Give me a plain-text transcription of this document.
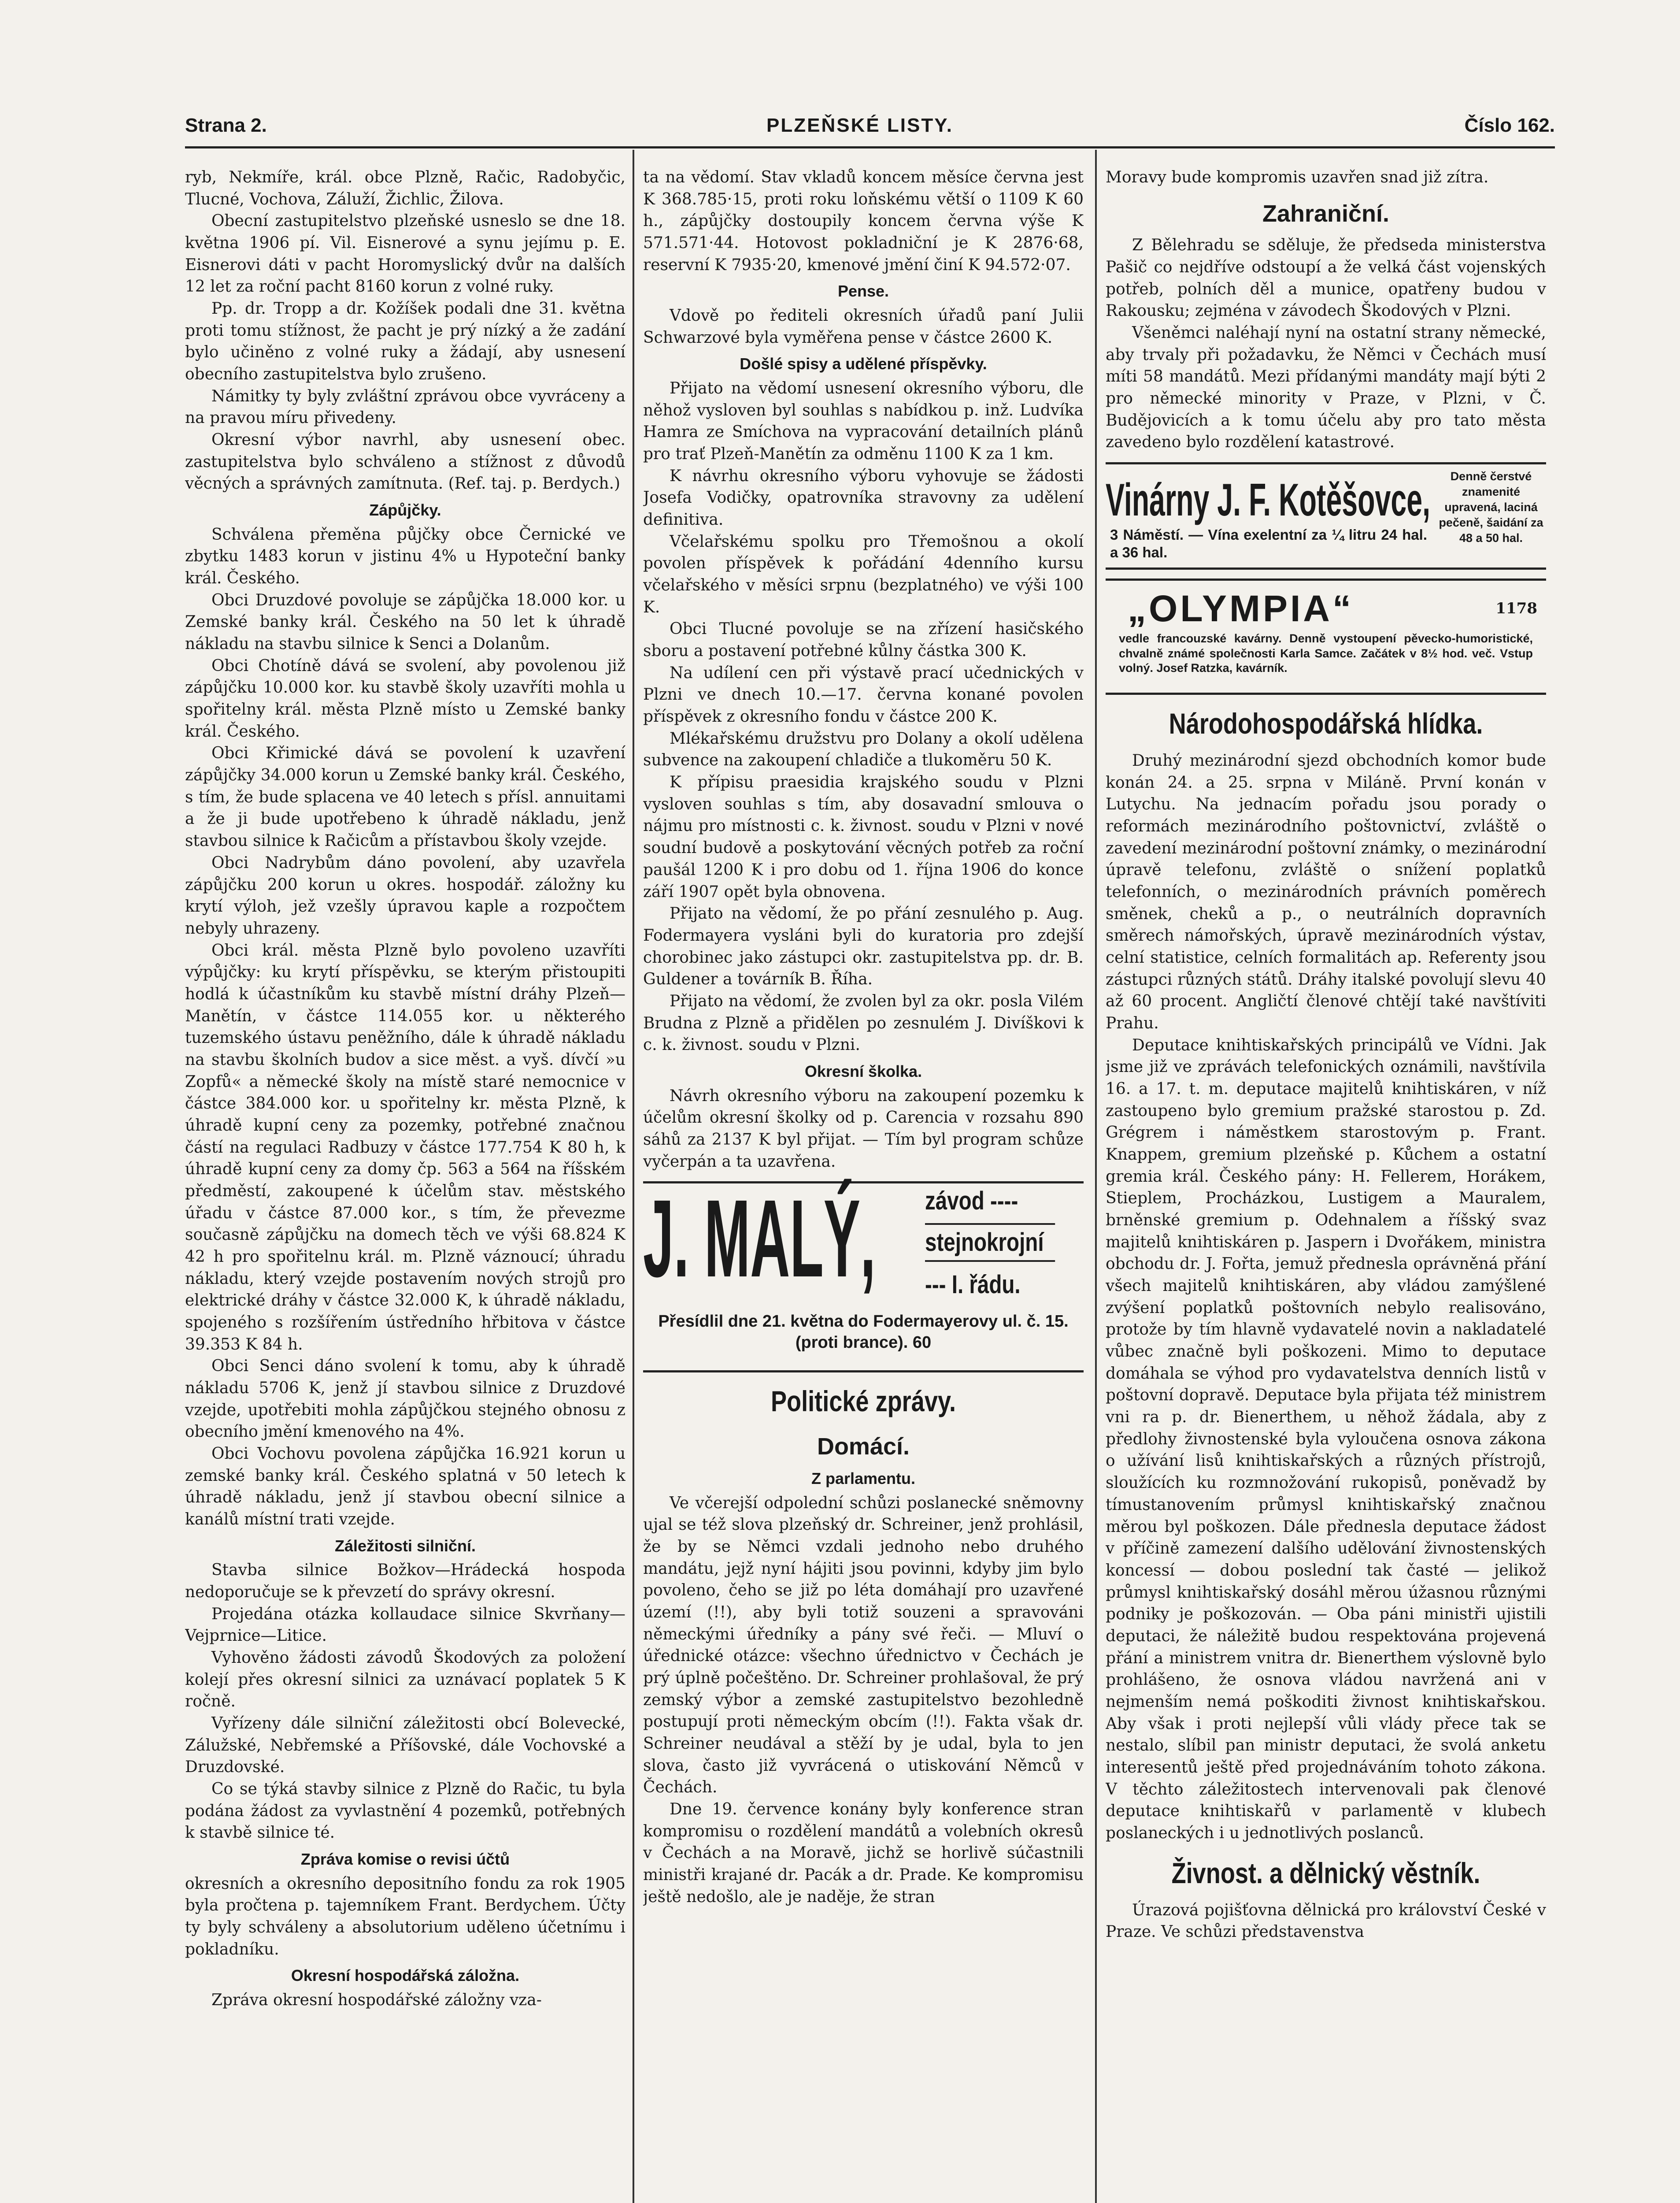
Strana 2.	PLZEŇSKÉ LISTY.	Číslo 162.

ryb, Nekmíře, král. obce Plzně, Račic, Radobyčic, Tlucné, Vochova, Záluží, Žichlic, Žilova.

Obecní zastupitelstvo plzeňské usneslo se dne 18. května 1906 pí. Vil. Eisnerové a synu jejímu p. E. Eisnerovi dáti v pacht Horomyslický dvůr na dalších 12 let za roční pacht 8160 korun z volné ruky.

Pp. dr. Tropp a dr. Kožíšek podali dne 31. května proti tomu stížnost, že pacht je prý nízký a že zadání bylo učiněno z volné ruky a žádají, aby usnesení obecního zastupitelstva bylo zrušeno.

Námitky ty byly zvláštní zprávou obce vyvráceny a na pravou míru přivedeny.

Okresní výbor navrhl, aby usnesení obec. zastupitelstva bylo schváleno a stížnost z důvodů věcných a správných zamítnuta. (Ref. taj. p. Berdych.)

Zápůjčky.

Schválena přeměna půjčky obce Černické ve zbytku 1483 korun v jistinu 4% u Hypoteční banky král. Českého.

Obci Druzdové povoluje se zápůjčka 18.000 kor. u Zemské banky král. Českého na 50 let k úhradě nákladu na stavbu silnice k Senci a Dolanům.

Obci Chotíně dává se svolení, aby povolenou již zápůjčku 10.000 kor. ku stavbě školy uzavříti mohla u spořitelny král. města Plzně místo u Zemské banky král. Českého.

Obci Křimické dává se povolení k uzavření zápůjčky 34.000 korun u Zemské banky král. Českého, s tím, že bude splacena ve 40 letech s přísl. annuitami a že ji bude upotřebeno k úhradě nákladu, jenž stavbou silnice k Račicům a přístavbou školy vzejde.

Obci Nadrybům dáno povolení, aby uzavřela zápůjčku 200 korun u okres. hospodář. záložny ku krytí výloh, jež vzešly úpravou kaple a rozpočtem nebyly uhrazeny.

Obci král. města Plzně bylo povoleno uzavříti výpůjčky: ku krytí příspěvku, se kterým přistoupiti hodlá k účastníkům ku stavbě místní dráhy Plzeň—Manětín, v částce 114.055 kor. u některého tuzemského ústavu peněžního, dále k úhradě nákladu na stavbu školních budov a sice měst. a vyš. dívčí »u Zopfů« a německé školy na místě staré nemocnice v částce 384.000 kor. u spořitelny kr. města Plzně, k úhradě kupní ceny za pozemky, potřebné značnou částí na regulaci Radbuzy v částce 177.754 K 80 h, k úhradě kupní ceny za domy čp. 563 a 564 na říšském předměstí, zakoupené k účelům stav. městského úřadu v částce 87.000 kor., s tím, že převezme současně zápůjčku na domech těch ve výši 68.824 K 42 h pro spořitelnu král. m. Plzně váznoucí; úhradu nákladu, který vzejde postavením nových strojů pro elektrické dráhy v částce 32.000 K, k úhradě nákladu, spojeného s rozšířením ústředního hřbitova v částce 39.353 K 84 h.

Obci Senci dáno svolení k tomu, aby k úhradě nákladu 5706 K, jenž jí stavbou silnice z Druzdové vzejde, upotřebiti mohla zápůjčkou stejného obnosu z obecního jmění kmenového na 4%.

Obci Vochovu povolena zápůjčka 16.921 korun u zemské banky král. Českého splatná v 50 letech k úhradě nákladu, jenž jí stavbou obecní silnice a kanálů místní trati vzejde.

Záležitosti silniční.

Stavba silnice Božkov—Hrádecká hospoda nedoporučuje se k převzetí do správy okresní.

Projedána otázka kollaudace silnice Skvrňany—Vejprnice—Litice.

Vyhověno žádosti závodů Škodových za položení kolejí přes okresní silnici za uznávací poplatek 5 K ročně.

Vyřízeny dále silniční záležitosti obcí Bolevecké, Zálužské, Nebřemské a Příšovské, dále Vochovské a Druzdovské.

Co se týká stavby silnice z Plzně do Račic, tu byla podána žádost za vyvlastnění 4 pozemků, potřebných k stavbě silnice té.

Zpráva komise o revisi účtů

okresních a okresního depositního fondu za rok 1905 byla pročtena p. tajemníkem Frant. Berdychem. Účty ty byly schváleny a absolutorium uděleno účetnímu i pokladníku.

Okresní hospodářská záložna.

Zpráva okresní hospodářské záložny vza-

ta na vědomí. Stav vkladů koncem měsíce června jest K 368.785·15, proti roku loňskému větší o 1109 K 60 h., zápůjčky dostoupily koncem června výše K 571.571·44. Hotovost pokladniční je K 2876·68, reservní K 7935·20, kmenové jmění činí K 94.572·07.

Pense.

Vdově po řediteli okresních úřadů paní Julii Schwarzové byla vyměřena pense v částce 2600 K.

Došlé spisy a udělené příspěvky.

Přijato na vědomí usnesení okresního výboru, dle něhož vysloven byl souhlas s nabídkou p. inž. Ludvíka Hamra ze Smíchova na vypracování detailních plánů pro trať Plzeň-Manětín za odměnu 1100 K za 1 km.

K návrhu okresního výboru vyhovuje se žádosti Josefa Vodičky, opatrovníka stravovny za udělení definitiva.

Včelařskému spolku pro Třemošnou a okolí povolen příspěvek k pořádání 4denního kursu včelařského v měsíci srpnu (bezplatného) ve výši 100 K.

Obci Tlucné povoluje se na zřízení hasičského sboru a postavení potřebné kůlny částka 300 K.

Na udílení cen při výstavě prací učednických v Plzni ve dnech 10.—17. června konané povolen příspěvek z okresního fondu v částce 200 K.

Mlékařskému družstvu pro Dolany a okolí udělena subvence na zakoupení chladiče a tlukoměru 50 K.

K přípisu praesidia krajského soudu v Plzni vysloven souhlas s tím, aby dosavadní smlouva o nájmu pro místnosti c. k. živnost. soudu v Plzni v nové soudní budově a poskytování věcných potřeb za roční paušál 1200 K i pro dobu od 1. října 1906 do konce září 1907 opět byla obnovena.

Přijato na vědomí, že po přání zesnulého p. Aug. Fodermayera vysláni byli do kuratoria pro zdejší chorobinec jako zástupci okr. zastupitelstva pp. dr. B. Guldener a továrník B. Říha.

Přijato na vědomí, že zvolen byl za okr. posla Vilém Brudna z Plzně a přidělen po zesnulém J. Divíškovi k c. k. živnost. soudu v Plzni.

Okresní školka.

Návrh okresního výboru na zakoupení pozemku k účelům okresní školky od p. Carencia v rozsahu 890 sáhů za 2137 K byl přijat. — Tím byl program schůze vyčerpán a ta uzavřena.

J. MALÝ, závod ----
stejnokrojní
--- I. řádu.
Přesídlil dne 21. května do Fodermayerovy ul. č. 15. (proti brance). 60
Politické zprávy.
Domácí.
Z parlamentu.

Ve včerejší odpolední schůzi poslanecké sněmovny ujal se též slova plzeňský dr. Schreiner, jenž prohlásil, že by se Němci vzdali jednoho nebo druhého mandátu, jejž nyní hájiti jsou povinni, kdyby jim bylo povoleno, čeho se již po léta domáhají pro uzavřené území (!!), aby byli totiž souzeni a spravováni německými úředníky a pány své řeči. — Mluví o úřednické otázce: všechno úřednictvo v Čechách je prý úplně počeštěno. Dr. Schreiner prohlašoval, že prý zemský výbor a zemské zastupitelstvo bezohledně postupují proti německým obcím (!!). Fakta však dr. Schreiner neudával a stěží by je udal, byla to jen slova, často již vyvrácená o utiskování Němců v Čechách.

Dne 19. července konány byly konference stran kompromisu o rozdělení mandátů a volebních okresů v Čechách a na Moravě, jichž se horlivě súčastnili ministři krajané dr. Pacák a dr. Prade. Ke kompromisu ještě nedošlo, ale je naděje, že stran

Moravy bude kompromis uzavřen snad již zítra.

Zahraniční.

Z Bělehradu se sděluje, že předseda ministerstva Pašič co nejdříve odstoupí a že velká část vojenských potřeb, polních děl a munice, opatřeny budou v Rakousku; zejména v závodech Škodových v Plzni.

Všeněmci naléhají nyní na ostatní strany německé, aby trvaly při požadavku, že Němci v Čechách musí míti 58 mandátů. Mezi přídanými mandáty mají býti 2 pro německé minority v Praze, v Plzni, v Č. Budějovicích a k tomu účelu aby pro tato města zavedeno bylo rozdělení katastrové.

Vinárny J. F. Kotěšovce,	Denně čerstvé znamenité upravená, laciná pečeně, šaidání za 48 a 50 hal.
3 Náměstí. — Vína exelentní za ¼ litru 24 hal. a 36 hal.
„OLYMPIA“	1178
vedle francouzské kavárny. Denně vystoupení pěvecko-humoristické, chvalně známé společnosti Karla Samce. Začátek v 8½ hod. več. Vstup volný. Josef Ratzka, kavárník.
Národohospodářská hlídka.

Druhý mezinárodní sjezd obchodních komor bude konán 24. a 25. srpna v Miláně. První konán v Lutychu. Na jednacím pořadu jsou porady o reformách mezinárodního poštovnictví, zvláště o zavedení mezinárodní poštovní známky, o mezinárodní úpravě telefonu, zvláště o snížení poplatků telefonních, o mezinárodních právních poměrech směnek, cheků a p., o neutrálních dopravních směrech námořských, úpravě mezinárodních výstav, celní statistice, celních formalitách ap. Referenty jsou zástupci různých států. Dráhy italské povolují slevu 40 až 60 procent. Angličtí členové chtějí také navštíviti Prahu.

Deputace knihtiskařských principálů ve Vídni. Jak jsme již ve zprávách telefonických oznámili, navštívila 16. a 17. t. m. deputace majitelů knihtiskáren, v níž zastoupeno bylo gremium pražské starostou p. Zd. Grégrem i náměstkem starostovým p. Frant. Knappem, gremium plzeňské p. Kůchem a ostatní gremia král. Českého pány: H. Fellerem, Horákem, Stieplem, Procházkou, Lustigem a Mauralem, brněnské gremium p. Odehnalem a říšský svaz majitelů knihtiskáren p. Jaspern i Dvořákem, ministra obchodu dr. J. Fořta, jemuž přednesla oprávněná přání všech majitelů knihtiskáren, aby vládou zamýšlené zvýšení poplatků poštovních nebylo realisováno, protože by tím hlavně vydavatelé novin a nakladatelé vůbec značně byli poškozeni. Mimo to deputace domáhala se výhod pro vydavatelstva denních listů v poštovní dopravě. Deputace byla přijata též ministrem vni ra p. dr. Bienerthem, u něhož žádala, aby z předlohy živnostenské byla vyloučena osnova zákona o užívání lisů knihtiskařských a různých přístrojů, sloužících ku rozmnožování rukopisů, poněvadž by tímustanovením průmysl knihtiskařský značnou měrou byl poškozen. Dále přednesla deputace žádost v příčině zamezení dalšího udělování živnostenských koncessí — dobou poslední tak časté — jelikož průmysl knihtiskařský dosáhl měrou úžasnou různými podniky je poškozován. — Oba páni ministři ujistili deputaci, že náležitě budou respektována projevená přání a ministrem vnitra dr. Bienerthem výslovně bylo prohlášeno, že osnova vládou navržená ani v nejmenším nemá poškoditi živnost knihtiskařskou. Aby však i proti nejlepší vůli vlády přece tak se nestalo, slíbil pan ministr deputaci, že svolá anketu interesentů ještě před projednáváním tohoto zákona. V těchto záležitostech intervenovali pak členové deputace knihtiskařů v parlamentě v klubech poslaneckých i u jednotlivých poslanců.

Živnost. a dělnický věstník.

Úrazová pojišťovna dělnická pro království České v Praze. Ve schůzi představenstva
